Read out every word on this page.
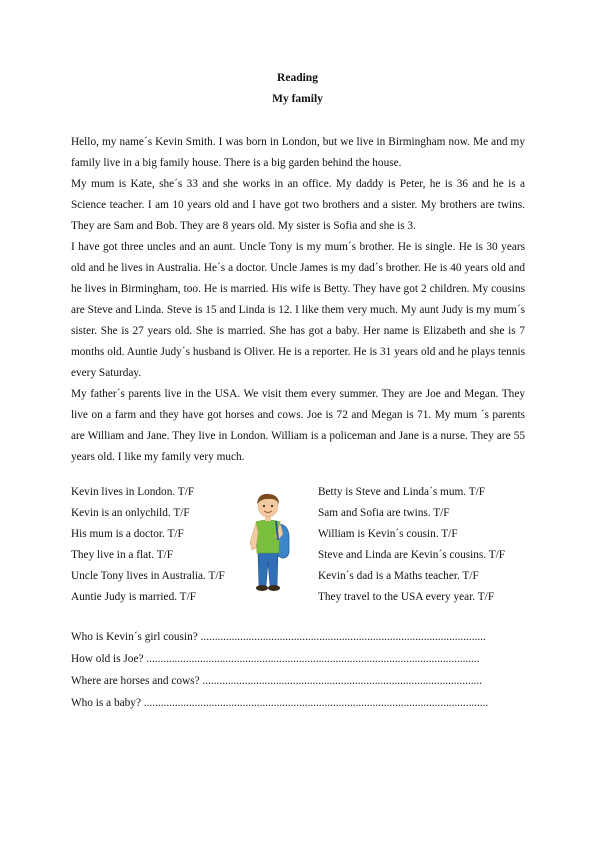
Reading
My family

Hello, my name´s Kevin Smith. I was born in London, but we live in Birmingham now. Me and my family live in a big family house. There is a big garden behind the house.

My mum is Kate, she´s 33 and she works in an office. My daddy is Peter, he is 36 and he is a Science teacher. I am 10 years old and I have got two brothers and a sister. My brothers are twins. They are Sam and Bob. They are 8 years old. My sister is Sofia and she is 3.

I have got three uncles and an aunt. Uncle Tony is my mum´s brother. He is single. He is 30 years old and he lives in Australia. He´s a doctor. Uncle James is my dad´s brother. He is 40 years old and he lives in Birmingham, too. He is married. His wife is Betty. They have got 2 children. My cousins are Steve and Linda. Steve is 15 and Linda is 12. I like them very much. My aunt Judy is my mum´s sister. She is 27 years old. She is married. She has got a baby. Her name is Elizabeth and she is 7 months old. Auntie Judy´s husband is Oliver. He is a reporter. He is 31 years old and he plays tennis every Saturday.

My father´s parents live in the USA. We visit them every summer. They are Joe and Megan. They live on a farm and they have got horses and cows. Joe is 72 and Megan is 71. My mum ´s parents are William and Jane. They live in London. William is a policeman and Jane is a nurse. They are 55 years old. I like my family very much.

Kevin lives in London. T/F
Kevin is an onlychild. T/F
His mum is a doctor. T/F
They live in a flat. T/F
Uncle Tony lives in Australia. T/F
Auntie Judy is married. T/F
Betty is Steve and Linda´s mum. T/F
Sam and Sofia are twins. T/F
William is Kevin´s cousin. T/F
Steve and Linda are Kevin´s cousins. T/F
Kevin´s dad is a Maths teacher. T/F
They travel to the USA every year. T/F
Who is Kevin´s girl cousin? .....................................................................................................
How old is Joe? ......................................................................................................................
Where are horses and cows? ...................................................................................................
Who is a baby? ..........................................................................................................................
